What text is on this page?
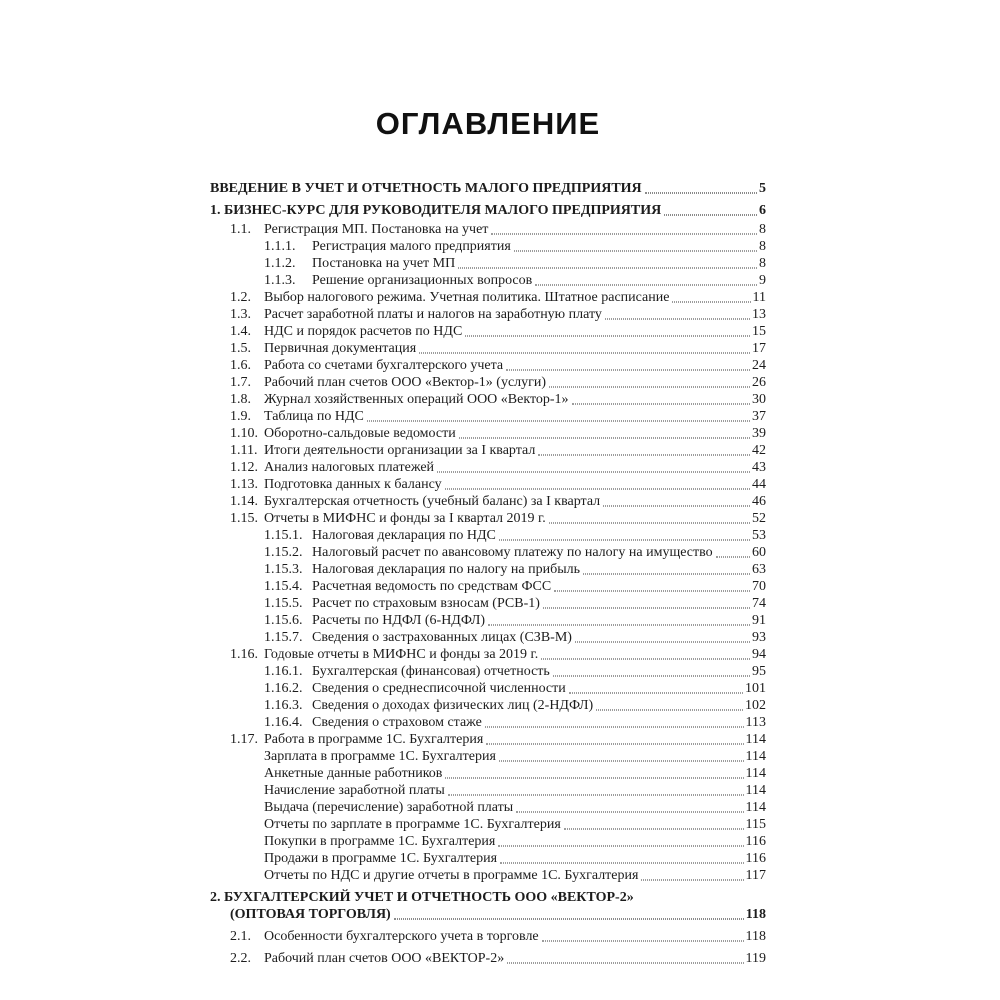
ОГЛАВЛЕНИЕ
ВВЕДЕНИЕ В УЧЕТ И ОТЧЕТНОСТЬ МАЛОГО ПРЕДПРИЯТИЯ	5
1. БИЗНЕС-КУРС ДЛЯ РУКОВОДИТЕЛЯ МАЛОГО ПРЕДПРИЯТИЯ	6
1.1. Регистрация МП. Постановка на учет	8
1.1.1.	Регистрация малого предприятия	8
1.1.2.	Постановка на учет МП	8
1.1.3.	Решение организационных вопросов	9
1.2. Выбор налогового режима. Учетная политика. Штатное расписание	11
1.3. Расчет заработной платы и налогов на заработную плату	13
1.4. НДС и порядок расчетов по НДС	15
1.5. Первичная документация	17
1.6. Работа со счетами бухгалтерского учета	24
1.7. Рабочий план счетов ООО «Вектор-1» (услуги)	26
1.8. Журнал хозяйственных операций ООО «Вектор-1»	30
1.9. Таблица по НДС	37
1.10. Оборотно-сальдовые ведомости	39
1.11. Итоги деятельности организации за I квартал	42
1.12. Анализ налоговых платежей	43
1.13. Подготовка данных к балансу	44
1.14. Бухгалтерская отчетность (учебный баланс) за I квартал	46
1.15. Отчеты в МИФНС и фонды за I квартал 2019 г.	52
1.15.1. Налоговая декларация по НДС	53
1.15.2. Налоговый расчет по авансовому платежу по налогу на имущество	60
1.15.3. Налоговая декларация по налогу на прибыль	63
1.15.4. Расчетная ведомость по средствам ФСС	70
1.15.5. Расчет по страховым взносам (РСВ-1)	74
1.15.6. Расчеты по НДФЛ (6-НДФЛ)	91
1.15.7. Сведения о застрахованных лицах (СЗВ-М)	93
1.16. Годовые отчеты в МИФНС и фонды за 2019 г.	94
1.16.1. Бухгалтерская (финансовая) отчетность	95
1.16.2. Сведения о среднесписочной численности	101
1.16.3. Сведения о доходах физических лиц (2-НДФЛ)	102
1.16.4. Сведения о страховом стаже	113
1.17. Работа в программе 1С. Бухгалтерия	114
Зарплата в программе 1С. Бухгалтерия	114
Анкетные данные работников	114
Начисление заработной платы	114
Выдача (перечисление) заработной платы	114
Отчеты по зарплате в программе 1С. Бухгалтерия	115
Покупки в программе 1С. Бухгалтерия	116
Продажи в программе 1С. Бухгалтерия	116
Отчеты по НДС и другие отчеты в программе 1С. Бухгалтерия	117
2. БУХГАЛТЕРСКИЙ УЧЕТ И ОТЧЕТНОСТЬ ООО «ВЕКТОР-2»
(ОПТОВАЯ ТОРГОВЛЯ)	118
2.1. Особенности бухгалтерского учета в торговле	118
2.2. Рабочий план счетов ООО «ВЕКТОР-2»	119
